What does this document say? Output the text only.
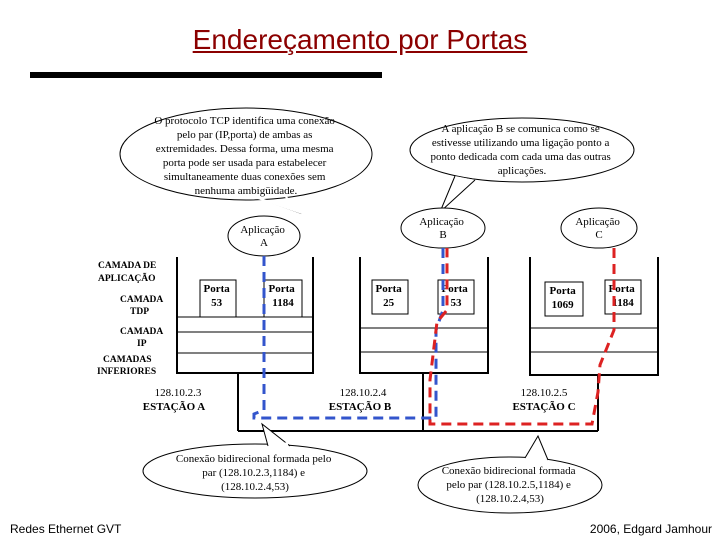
Endereçamento por Portas
O protocolo TCP identifica uma conexão pelo par (IP,porta) de ambas as extremidades. Dessa forma, uma mesma porta pode ser usada para estabelecer simultaneamente duas conexões sem nenhuma ambigüidade.
A aplicação B se comunica como se estivesse utilizando uma ligação ponto a ponto dedicada com cada uma das outras aplicações.
Aplicação A
Aplicação B
Aplicação C
CAMADA DE
APLICAÇÃO
CAMADA
TDP
CAMADA
IP
CAMADAS
INFERIORES
Porta 53 Porta 1184
Porta 25 Porta 53
Porta 1069 Porta 1184
128.10.2.3
ESTAÇÃO A
128.10.2.4
ESTAÇÃO B
128.10.2.5
ESTAÇÃO C
Conexão bidirecional formada pelo par (128.10.2.3,1184) e (128.10.2.4,53)
Conexão bidirecional formada pelo par (128.10.2.5,1184) e (128.10.2.4,53)
Redes Ethernet GVT	2006, Edgard Jamhour
